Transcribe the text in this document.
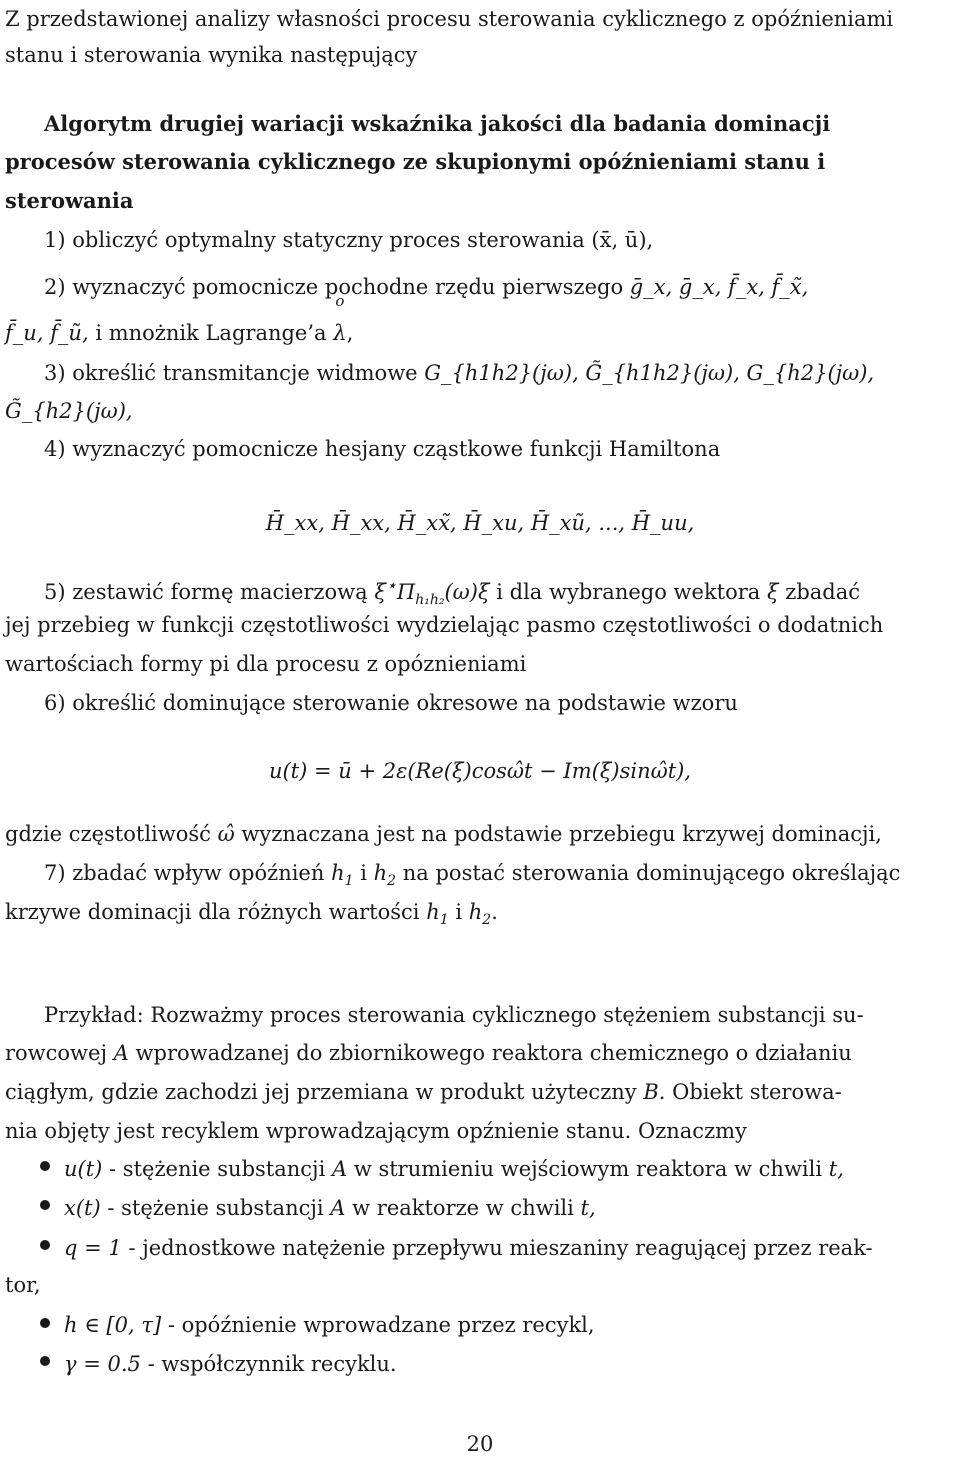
Z przedstawionej analizy własności procesu sterowania cyklicznego z opóźnieniami
stanu i sterowania wynika następujący
Algorytm drugiej wariacji wskaźnika jakości dla badania dominacji
procesów sterowania cyklicznego ze skupionymi opóźnieniami stanu i
sterowania
1) obliczyć optymalny statyczny proces sterowania (x̄, ū),
2) wyznaczyć pomocnicze pochodne rzędu pierwszego ḡ_x, ḡ_x, f̄_x, f̄_x̃,
f̄_u, f̄_ũ, i mnożnik Lagrange’a o λ,
3) określić transmitancje widmowe G_{h1h2}(jω), G̃_{h1h2}(jω), G_{h2}(jω),
G̃_{h2}(jω),
4) wyznaczyć pomocnicze hesjany cząstkowe funkcji Hamiltona
H̄_xx, H̄_xx, H̄_xx̃, H̄_xu, H̄_xũ, ..., H̄_uu,
5) zestawić formę macierzową $\xi^⋆\Pi_{h_1h_2}(\omega)\xi$ i dla wybranego wektora ξ zbadać
jej przebieg w funkcji częstotliwości wydzielając pasmo częstotliwości o dodatnich
wartościach formy pi dla procesu z opóznieniami
6) określić dominujące sterowanie okresowe na podstawie wzoru
u(t) = ū + 2ε(Re(ξ)cosω̂t − Im(ξ)sinω̂t),
gdzie częstotliwość ω̂ wyznaczana jest na podstawie przebiegu krzywej dominacji,
7) zbadać wpływ opóźnień $h_1$ i $h_2$ na postać sterowania dominującego określając
krzywe dominacji dla różnych wartości $h_1$ i $h_2$.
Przykład: Rozważmy proces sterowania cyklicznego stężeniem substancji su-
rowcowej A wprowadzanej do zbiornikowego reaktora chemicznego o działaniu
ciągłym, gdzie zachodzi jej przemiana w produkt użyteczny B. Obiekt sterowa-
nia objęty jest recyklem wprowadzającym opźnienie stanu. Oznaczmy
u(t) - stężenie substancji A w strumieniu wejściowym reaktora w chwili t,
x(t) - stężenie substancji A w reaktorze w chwili t,
q = 1 - jednostkowe natężenie przepływu mieszaniny reagującej przez reak-
tor,
h ∈ [0, τ] - opóźnienie wprowadzane przez recykl,
γ = 0.5 - współczynnik recyklu.
20
